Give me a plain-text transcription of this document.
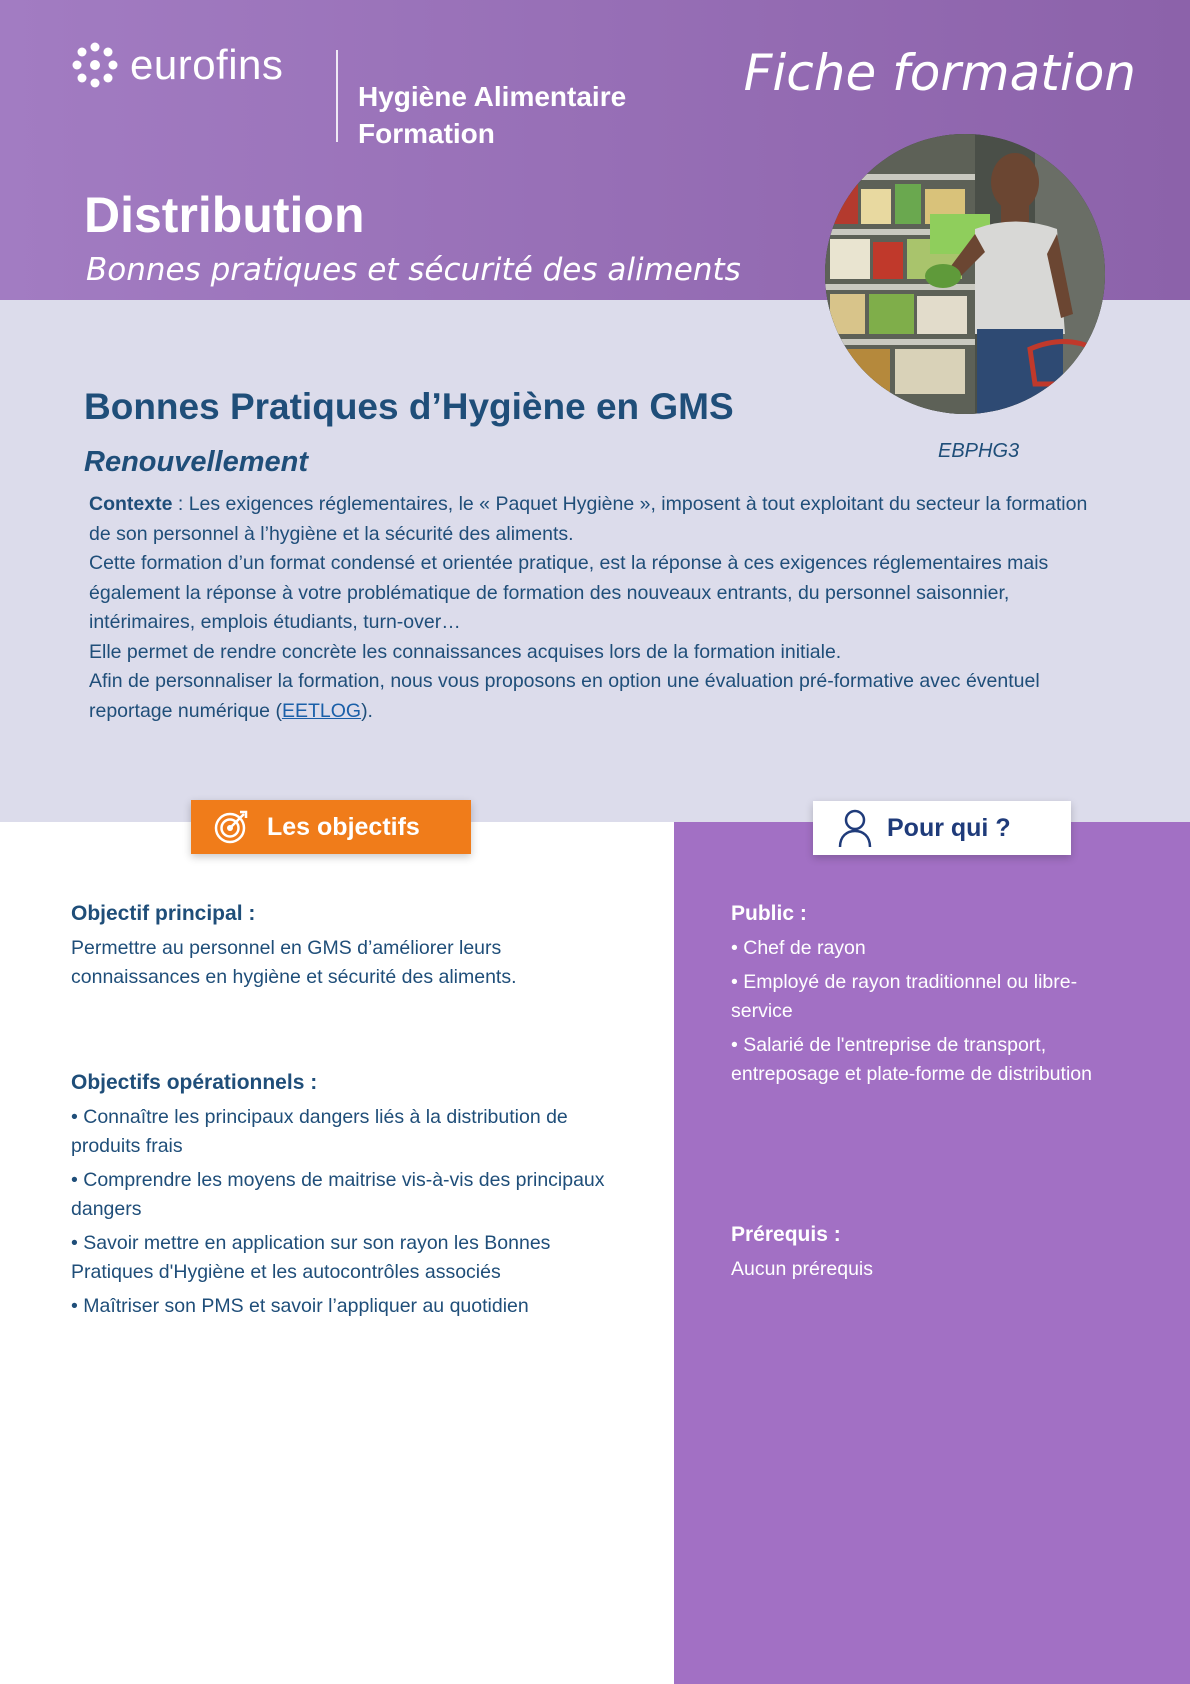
eurofins
Hygiène Alimentaire
Formation
Fiche formation
Distribution
Bonnes pratiques et sécurité des aliments
Bonnes Pratiques d’Hygiène en GMS
Renouvellement	EBPHG3

Contexte : Les exigences réglementaires, le « Paquet Hygiène », imposent à tout exploitant du secteur la formation de son personnel à l’hygiène et la sécurité des aliments.

Cette formation d’un format condensé et orientée pratique, est la réponse à ces exigences réglementaires mais également la réponse à votre problématique de formation des nouveaux entrants, du personnel saisonnier, intérimaires, emplois étudiants, turn-over…

Elle permet de rendre concrète les connaissances acquises lors de la formation initiale.

Afin de personnaliser la formation, nous vous proposons en option une évaluation pré-formative avec éventuel reportage numérique (EETLOG).

Les objectifs	Pour qui ?
Objectif principal :
Permettre au personnel en GMS d’améliorer leurs connaissances en hygiène et sécurité des aliments.
Objectifs opérationnels :
• Connaître les principaux dangers liés à la distribution de produits frais
• Comprendre les moyens de maitrise vis-à-vis des principaux dangers
• Savoir mettre en application sur son rayon les Bonnes Pratiques d'Hygiène et les autocontrôles associés
• Maîtriser son PMS et savoir l’appliquer au quotidien
Public :
• Chef de rayon
• Employé de rayon traditionnel ou libre-service
• Salarié de l'entreprise de transport, entreposage et plate-forme de distribution
Prérequis :
Aucun prérequis
